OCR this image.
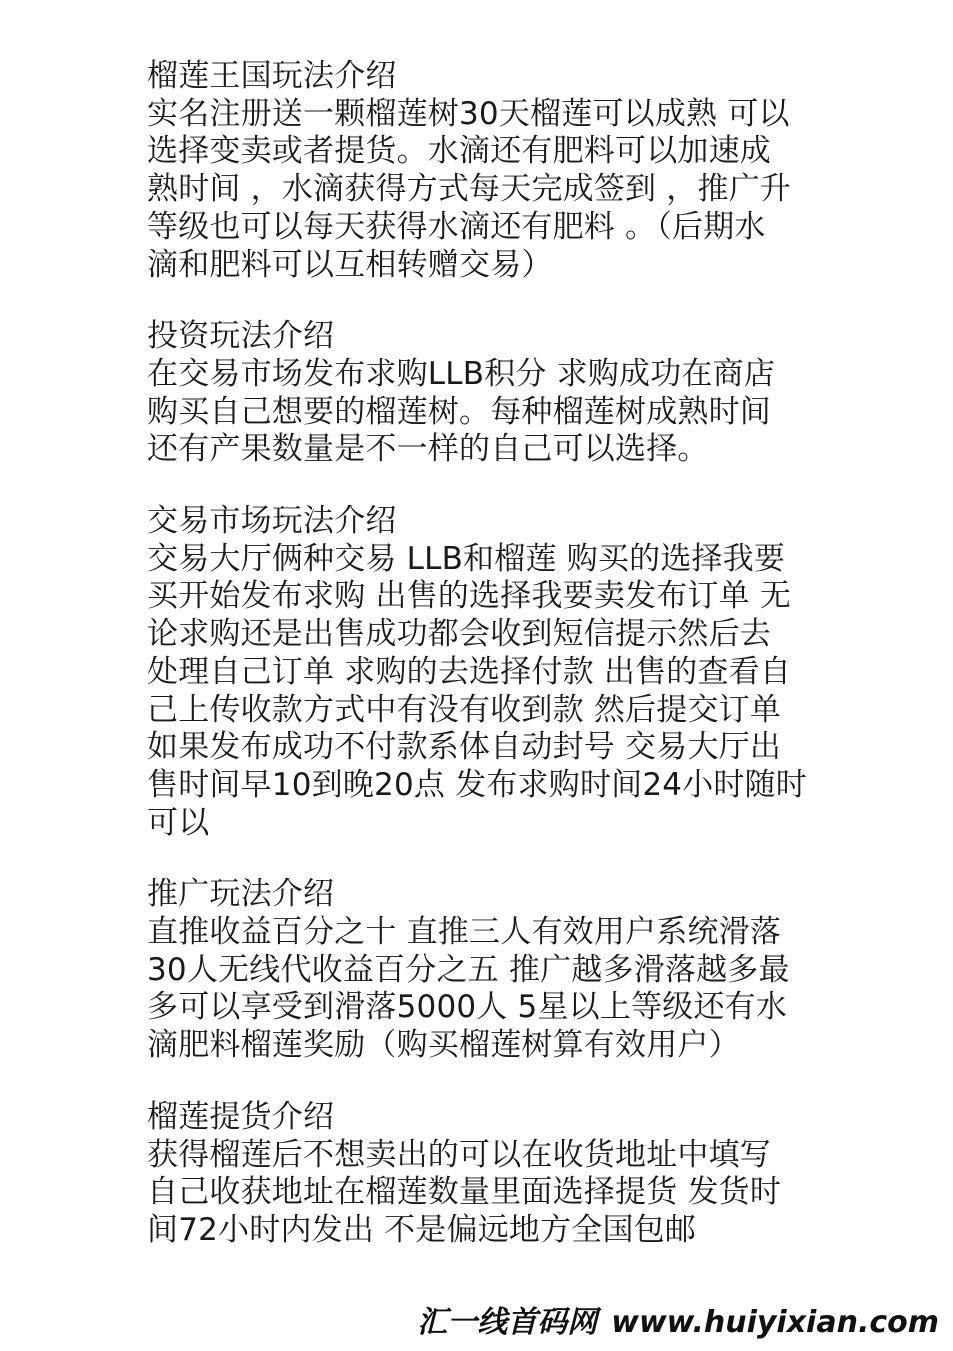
榴莲王国玩法介绍
实名注册送一颗榴莲树30天榴莲可以成熟 可以
选择变卖或者提货。水滴还有肥料可以加速成
熟时间 ，水滴获得方式每天完成签到 ，推广升
等级也可以每天获得水滴还有肥料 。（后期水
滴和肥料可以互相转赠交易）
投资玩法介绍
在交易市场发布求购LLB积分 求购成功在商店
购买自己想要的榴莲树。每种榴莲树成熟时间
还有产果数量是不一样的自己可以选择。
交易市场玩法介绍
交易大厅俩种交易 LLB和榴莲 购买的选择我要
买开始发布求购 出售的选择我要卖发布订单 无
论求购还是出售成功都会收到短信提示然后去
处理自己订单 求购的去选择付款 出售的查看自
己上传收款方式中有没有收到款 然后提交订单
如果发布成功不付款系体自动封号 交易大厅出
售时间早10到晚20点 发布求购时间24小时随时
可以
推广玩法介绍
直推收益百分之十 直推三人有效用户系统滑落
30人无线代收益百分之五 推广越多滑落越多最
多可以享受到滑落5000人 5星以上等级还有水
滴肥料榴莲奖励（购买榴莲树算有效用户）
榴莲提货介绍
获得榴莲后不想卖出的可以在收货地址中填写
自己收获地址在榴莲数量里面选择提货 发货时
间72小时内发出 不是偏远地方全国包邮
汇一线首码网 www.huiyixian.com
